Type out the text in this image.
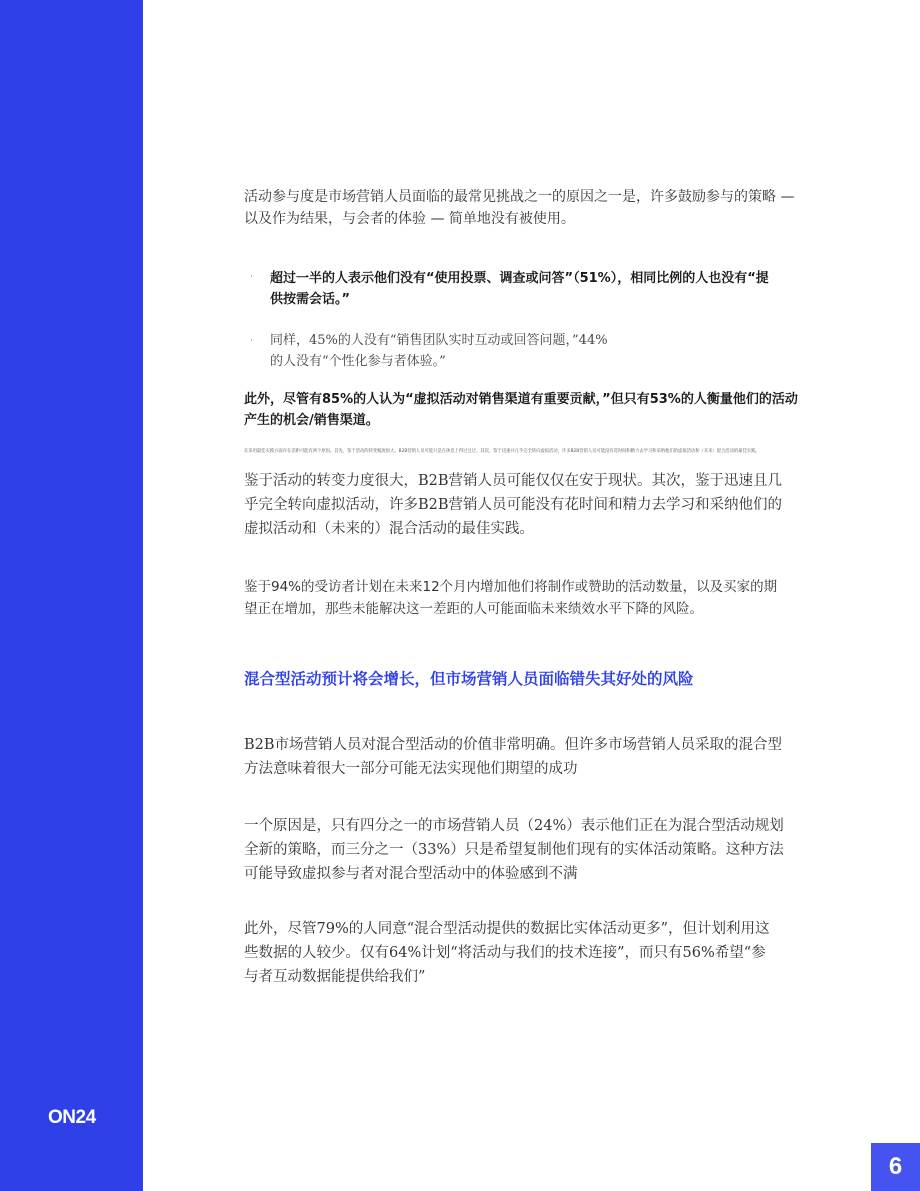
ON24

活动参与度是市场营销人员面临的最常见挑战之一的原因之一是，许多鼓励参与的策略 — 以及作为结果，与会者的体验 — 简单地没有被使用。

· 超过一半的人表示他们没有“使用投票、调查或问答”（51%），相同比例的人也没有“提供按需会话。”

· 同样，45%的人没有“销售团队实时互动或回答问题，”44%的人没有“个性化参与者体验。”

此外，尽管有85%的人认为“虚拟活动对销售渠道有重要贡献，”但只有53%的人衡量他们的活动产生的机会/销售渠道。

在采用最佳实践方面存在差距可能有两个原因。首先，鉴于活动的转变幅度很大，B2B营销人员可能只是在休息上得过且过。其次，鉴于迅速并几乎完全转向虚拟活动，许多B2B营销人员可能没有花时间和精力去学习和采纳他们的虚拟活动和（未来）混合活动的最佳实践。

鉴于活动的转变力度很大，B2B营销人员可能仅仅在安于现状。其次，鉴于迅速且几乎完全转向虚拟活动，许多B2B营销人员可能没有花时间和精力去学习和采纳他们的虚拟活动和（未来的）混合活动的最佳实践。

鉴于94%的受访者计划在未来12个月内增加他们将制作或赞助的活动数量，以及买家的期望正在增加，那些未能解决这一差距的人可能面临未来绩效水平下降的风险。

混合型活动预计将会增长，但市场营销人员面临错失其好处的风险

B2B市场营销人员对混合型活动的价值非常明确。但许多市场营销人员采取的混合型方法意味着很大一部分可能无法实现他们期望的成功

一个原因是，只有四分之一的市场营销人员（24%）表示他们正在为混合型活动规划全新的策略，而三分之一（33%）只是希望复制他们现有的实体活动策略。这种方法可能导致虚拟参与者对混合型活动中的体验感到不满

此外，尽管79%的人同意“混合型活动提供的数据比实体活动更多”，但计划利用这些数据的人较少。仅有64%计划“将活动与我们的技术连接”，而只有56%希望“参与者互动数据能提供给我们”

6
